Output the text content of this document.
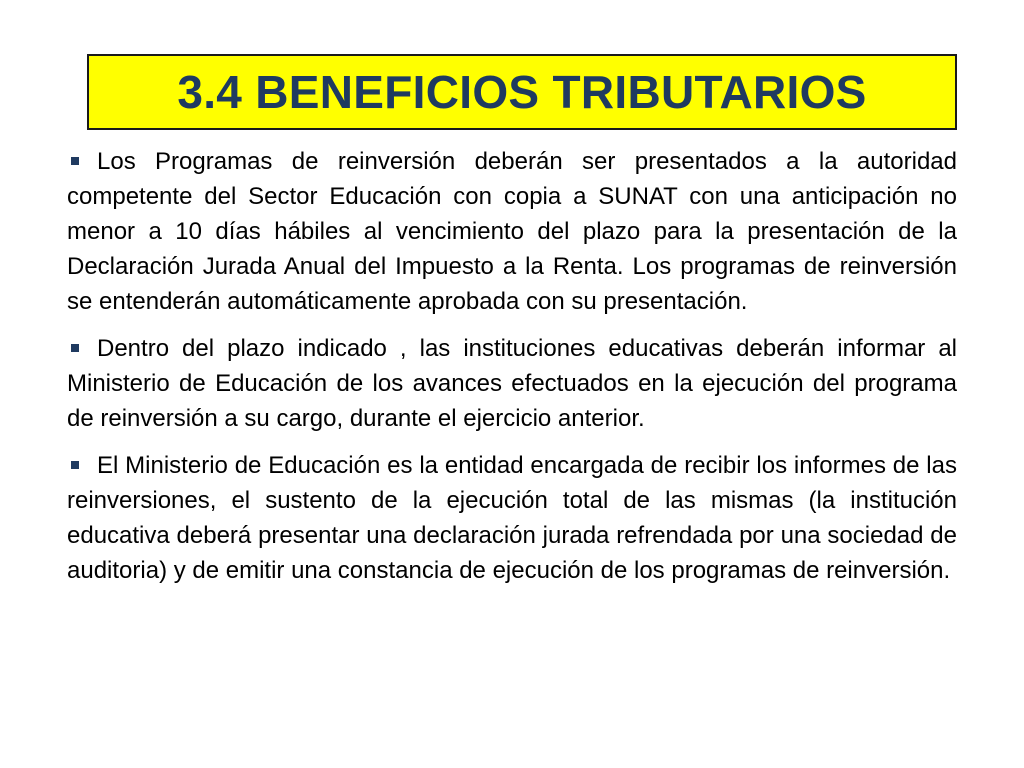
3.4 BENEFICIOS TRIBUTARIOS

Los Programas de reinversión deberán ser presentados a la autoridad competente del Sector Educación con copia a SUNAT con una anticipación no menor a 10 días hábiles al vencimiento del plazo para la presentación de la Declaración Jurada Anual del Impuesto a la Renta. Los programas de reinversión se entenderán automáticamente aprobada con su presentación.

Dentro del plazo indicado , las instituciones educativas deberán informar al Ministerio de Educación de los avances efectuados en la ejecución del programa de reinversión a su cargo, durante el ejercicio anterior.

El Ministerio de Educación es la entidad encargada de recibir los informes de las reinversiones, el sustento de la ejecución total de las mismas (la institución educativa deberá presentar una declaración jurada refrendada por una sociedad de auditoria) y de emitir una constancia de ejecución de los programas de reinversión.
